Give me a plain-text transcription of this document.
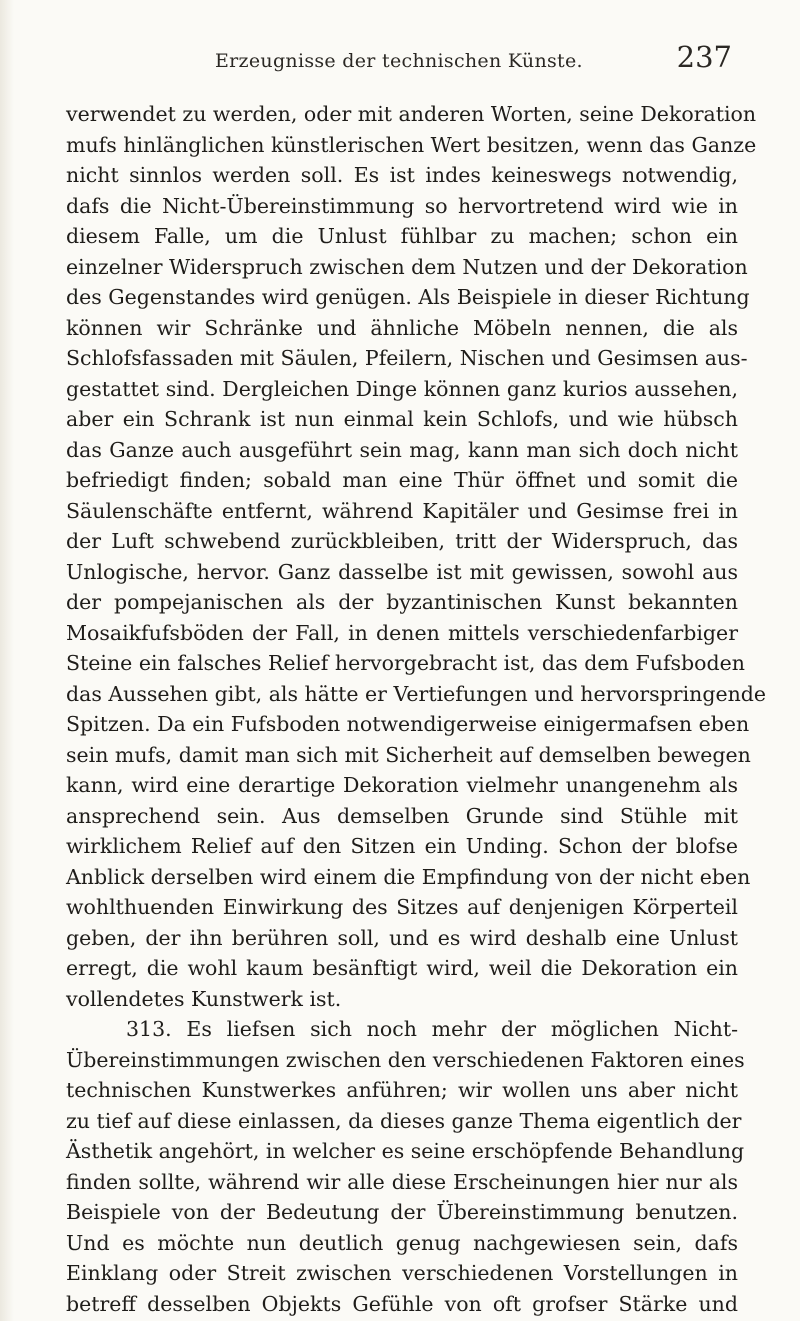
Erzeugnisse der technischen Künste.	237
verwendet zu werden, oder mit anderen Worten, seine Dekoration
mufs hinlänglichen künstlerischen Wert besitzen, wenn das Ganze
nicht sinnlos werden soll. Es ist indes keineswegs notwendig,
dafs die Nicht-Übereinstimmung so hervortretend wird wie in
diesem Falle, um die Unlust fühlbar zu machen; schon ein
einzelner Widerspruch zwischen dem Nutzen und der Dekoration
des Gegenstandes wird genügen. Als Beispiele in dieser Richtung
können wir Schränke und ähnliche Möbeln nennen, die als
Schlofsfassaden mit Säulen, Pfeilern, Nischen und Gesimsen aus-
gestattet sind. Dergleichen Dinge können ganz kurios aussehen,
aber ein Schrank ist nun einmal kein Schlofs, und wie hübsch
das Ganze auch ausgeführt sein mag, kann man sich doch nicht
befriedigt finden; sobald man eine Thür öffnet und somit die
Säulenschäfte entfernt, während Kapitäler und Gesimse frei in
der Luft schwebend zurückbleiben, tritt der Widerspruch, das
Unlogische, hervor. Ganz dasselbe ist mit gewissen, sowohl aus
der pompejanischen als der byzantinischen Kunst bekannten
Mosaikfufsböden der Fall, in denen mittels verschiedenfarbiger
Steine ein falsches Relief hervorgebracht ist, das dem Fufsboden
das Aussehen gibt, als hätte er Vertiefungen und hervorspringende
Spitzen. Da ein Fufsboden notwendigerweise einigermafsen eben
sein mufs, damit man sich mit Sicherheit auf demselben bewegen
kann, wird eine derartige Dekoration vielmehr unangenehm als
ansprechend sein. Aus demselben Grunde sind Stühle mit
wirklichem Relief auf den Sitzen ein Unding. Schon der blofse
Anblick derselben wird einem die Empfindung von der nicht eben
wohlthuenden Einwirkung des Sitzes auf denjenigen Körperteil
geben, der ihn berühren soll, und es wird deshalb eine Unlust
erregt, die wohl kaum besänftigt wird, weil die Dekoration ein
vollendetes Kunstwerk ist.
313. Es liefsen sich noch mehr der möglichen Nicht-
Übereinstimmungen zwischen den verschiedenen Faktoren eines
technischen Kunstwerkes anführen; wir wollen uns aber nicht
zu tief auf diese einlassen, da dieses ganze Thema eigentlich der
Ästhetik angehört, in welcher es seine erschöpfende Behandlung
finden sollte, während wir alle diese Erscheinungen hier nur als
Beispiele von der Bedeutung der Übereinstimmung benutzen.
Und es möchte nun deutlich genug nachgewiesen sein, dafs
Einklang oder Streit zwischen verschiedenen Vorstellungen in
betreff desselben Objekts Gefühle von oft grofser Stärke und
